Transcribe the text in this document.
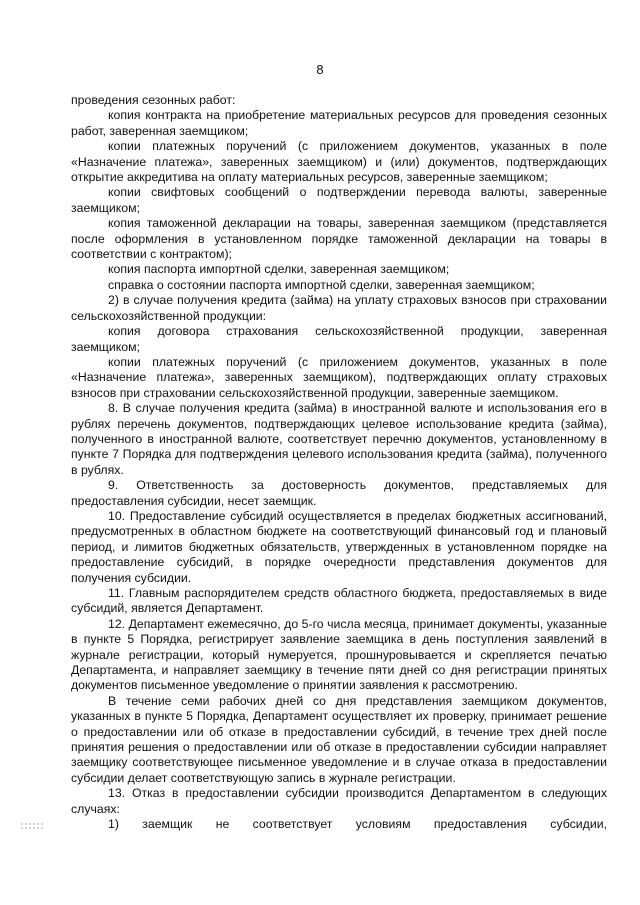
8

проведения сезонных работ:

копия контракта на приобретение материальных ресурсов для проведения сезонных работ, заверенная заемщиком;

копии платежных поручений (с приложением документов, указанных в поле «Назначение платежа», заверенных заемщиком) и (или) документов, подтверждающих открытие аккредитива на оплату материальных ресурсов, заверенные заемщиком;

копии свифтовых сообщений о подтверждении перевода валюты, заверенные заемщиком;

копия таможенной декларации на товары, заверенная заемщиком (представляется после оформления в установленном порядке таможенной декларации на товары в соответствии с контрактом);

копия паспорта импортной сделки, заверенная заемщиком;

справка о состоянии паспорта импортной сделки, заверенная заемщиком;

2) в случае получения кредита (займа) на уплату страховых взносов при страховании сельскохозяйственной продукции:

копия договора страхования сельскохозяйственной продукции, заверенная заемщиком;

копии платежных поручений (с приложением документов, указанных в поле «Назначение платежа», заверенных заемщиком), подтверждающих оплату страховых взносов при страховании сельскохозяйственной продукции, заверенные заемщиком.

8. В случае получения кредита (займа) в иностранной валюте и использования его в рублях перечень документов, подтверждающих целевое использование кредита (займа), полученного в иностранной валюте, соответствует перечню документов, установленному в пункте 7 Порядка для подтверждения целевого использования кредита (займа), полученного в рублях.

9. Ответственность за достоверность документов, представляемых для предоставления субсидии, несет заемщик.

10. Предоставление субсидий осуществляется в пределах бюджетных ассигнований, предусмотренных в областном бюджете на соответствующий финансовый год и плановый период, и лимитов бюджетных обязательств, утвержденных в установленном порядке на предоставление субсидий, в порядке очередности представления документов для получения субсидии.

11. Главным распорядителем средств областного бюджета, предоставляемых в виде субсидий, является Департамент.

12. Департамент ежемесячно, до 5-го числа месяца, принимает документы, указанные в пункте 5 Порядка, регистрирует заявление заемщика в день поступления заявлений в журнале регистрации, который нумеруется, прошнуровывается и скрепляется печатью Департамента, и направляет заемщику в течение пяти дней со дня регистрации принятых документов письменное уведомление о принятии заявления к рассмотрению.

В течение семи рабочих дней со дня представления заемщиком документов, указанных в пункте 5 Порядка, Департамент осуществляет их проверку, принимает решение о предоставлении или об отказе в предоставлении субсидий, в течение трех дней после принятия решения о предоставлении или об отказе в предоставлении субсидии направляет заемщику соответствующее письменное уведомление и в случае отказа в предоставлении субсидии делает соответствующую запись в журнале регистрации.

13. Отказ в предоставлении субсидии производится Департаментом в следующих случаях:

1) заемщик не соответствует условиям предоставления субсидии,
